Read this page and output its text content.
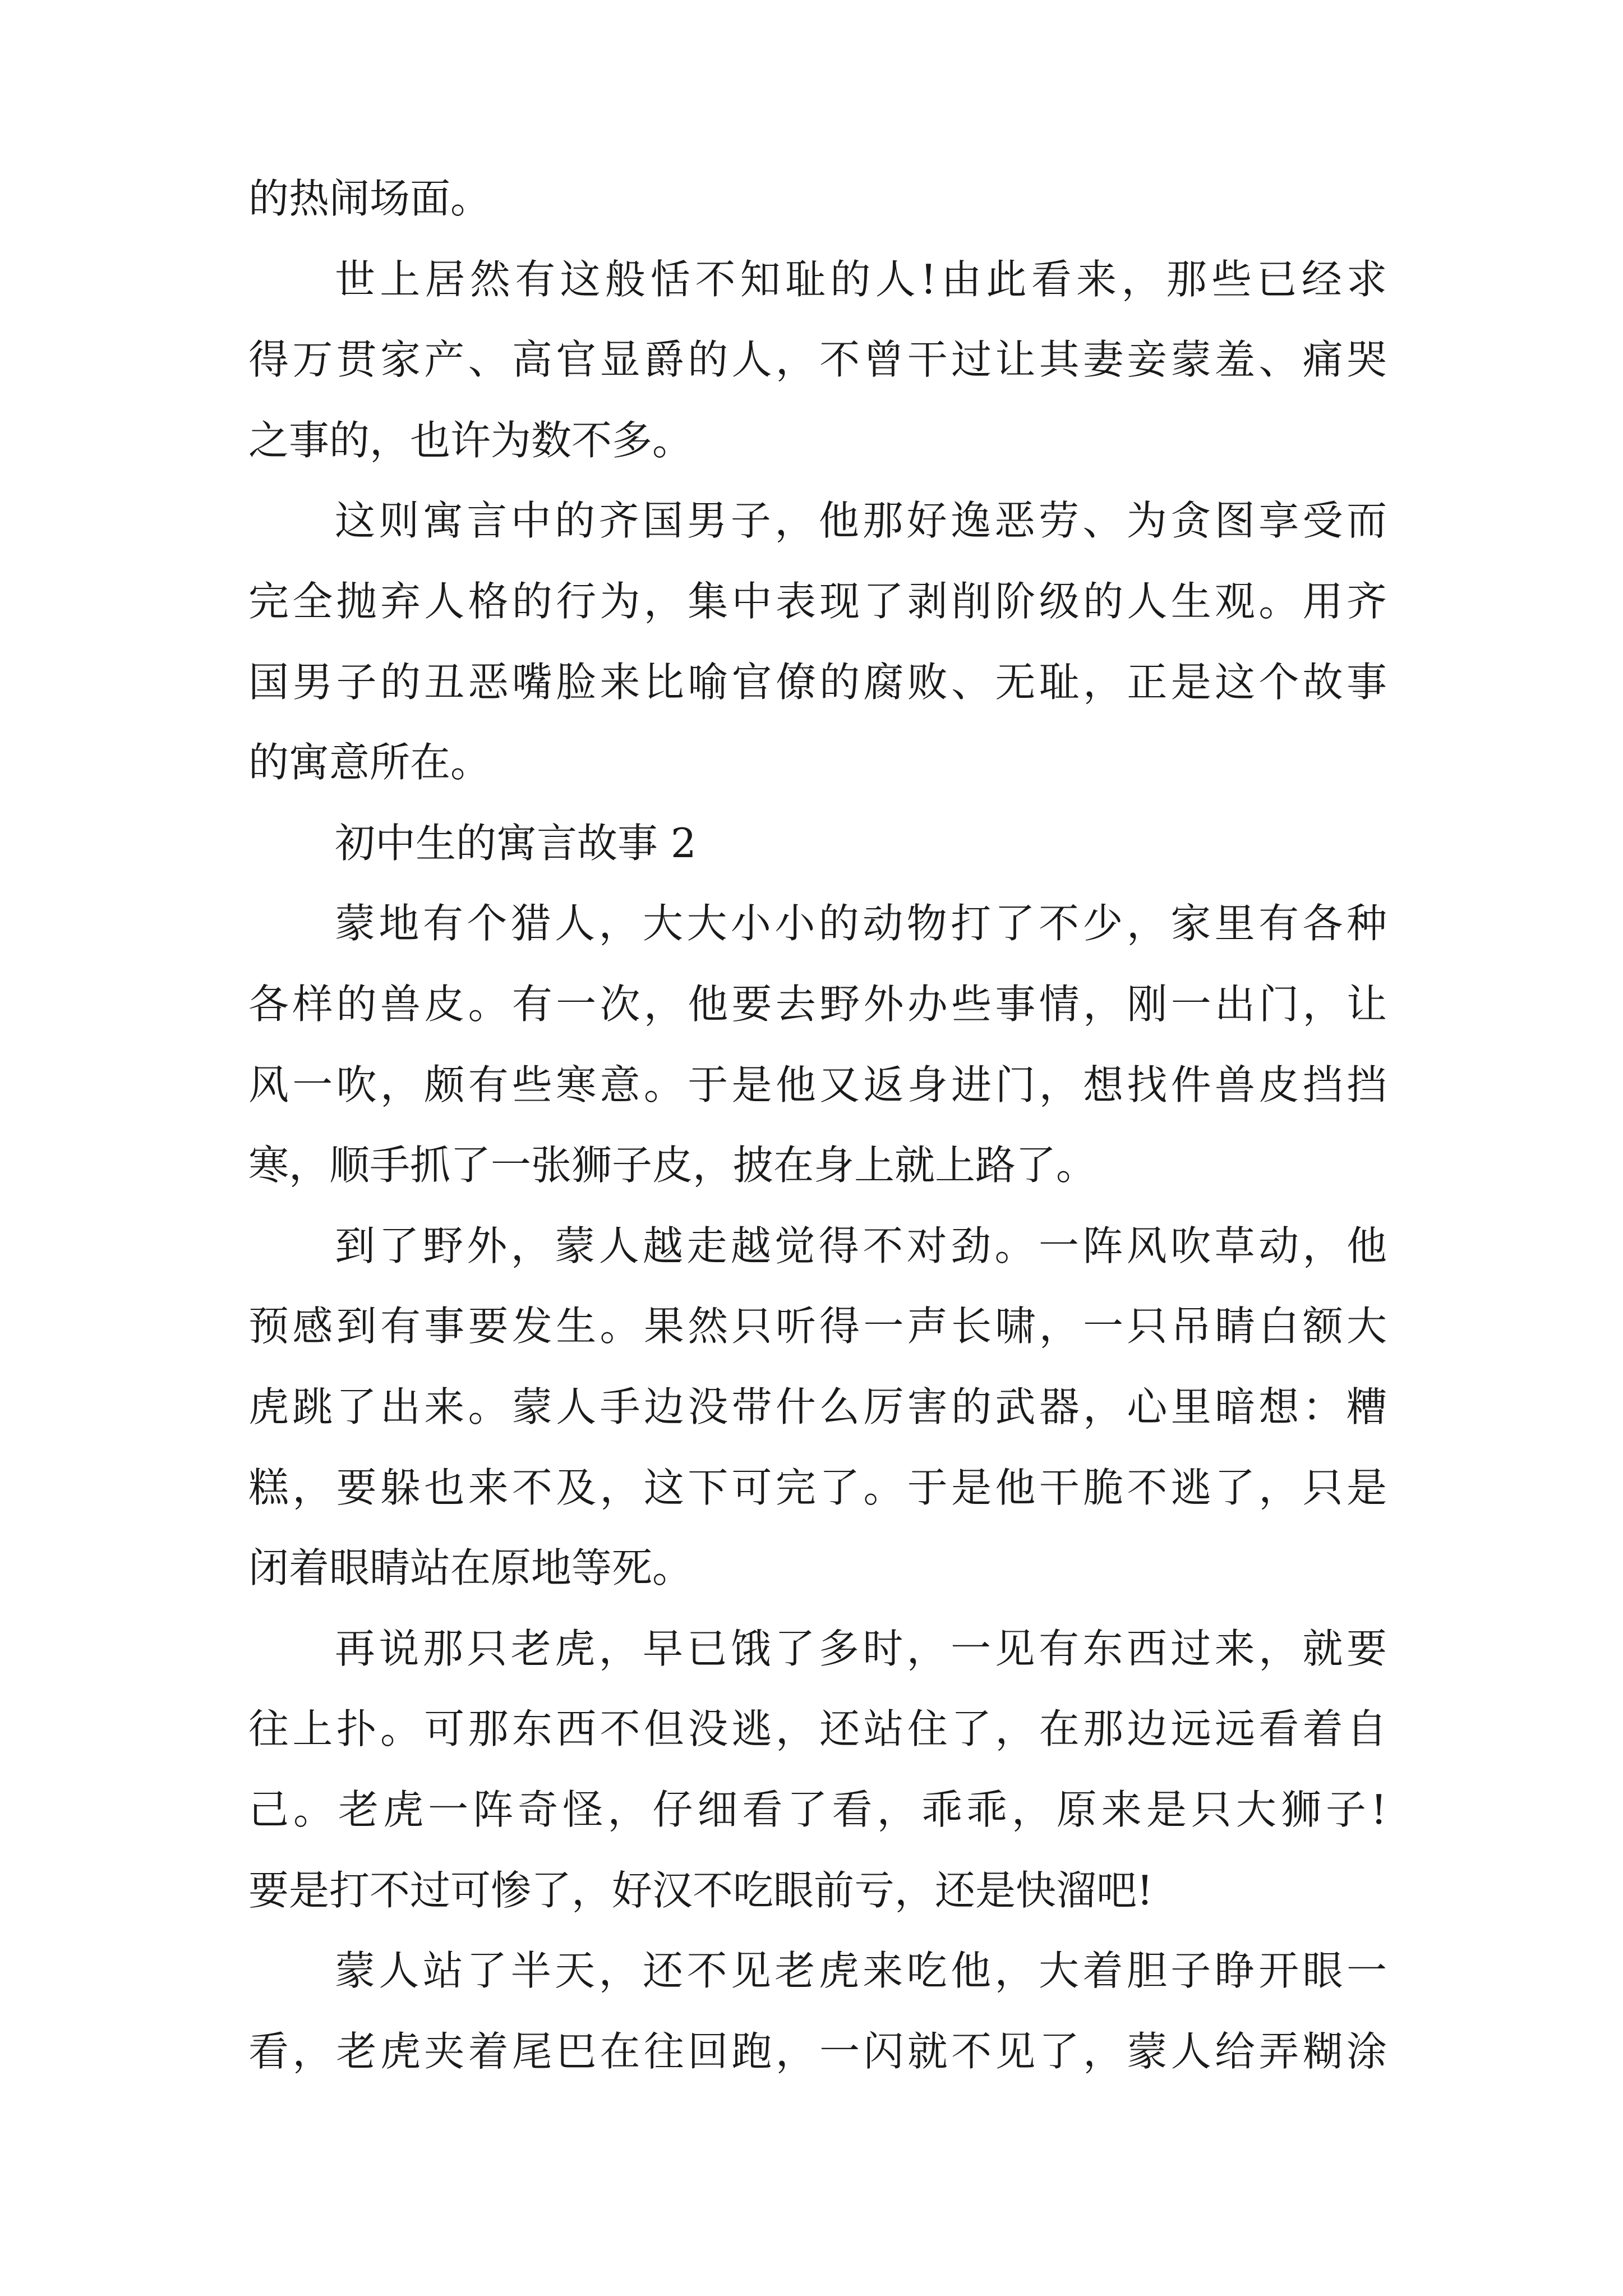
的热闹场面。
世上居然有这般恬不知耻的人!由此看来，那些已经求
得万贯家产、高官显爵的人，不曾干过让其妻妾蒙羞、痛哭
之事的，也许为数不多。
这则寓言中的齐国男子，他那好逸恶劳、为贪图享受而
完全抛弃人格的行为，集中表现了剥削阶级的人生观。用齐
国男子的丑恶嘴脸来比喻官僚的腐败、无耻，正是这个故事
的寓意所在。
初中生的寓言故事 2
蒙地有个猎人，大大小小的动物打了不少，家里有各种
各样的兽皮。有一次，他要去野外办些事情，刚一出门，让
风一吹，颇有些寒意。于是他又返身进门，想找件兽皮挡挡
寒，顺手抓了一张狮子皮，披在身上就上路了。
到了野外，蒙人越走越觉得不对劲。一阵风吹草动，他
预感到有事要发生。果然只听得一声长啸，一只吊睛白额大
虎跳了出来。蒙人手边没带什么厉害的武器，心里暗想：糟
糕，要躲也来不及，这下可完了。于是他干脆不逃了，只是
闭着眼睛站在原地等死。
再说那只老虎，早已饿了多时，一见有东西过来，就要
往上扑。可那东西不但没逃，还站住了，在那边远远看着自
己。老虎一阵奇怪，仔细看了看，乖乖，原来是只大狮子!
要是打不过可惨了，好汉不吃眼前亏，还是快溜吧!
蒙人站了半天，还不见老虎来吃他，大着胆子睁开眼一
看，老虎夹着尾巴在往回跑，一闪就不见了，蒙人给弄糊涂
